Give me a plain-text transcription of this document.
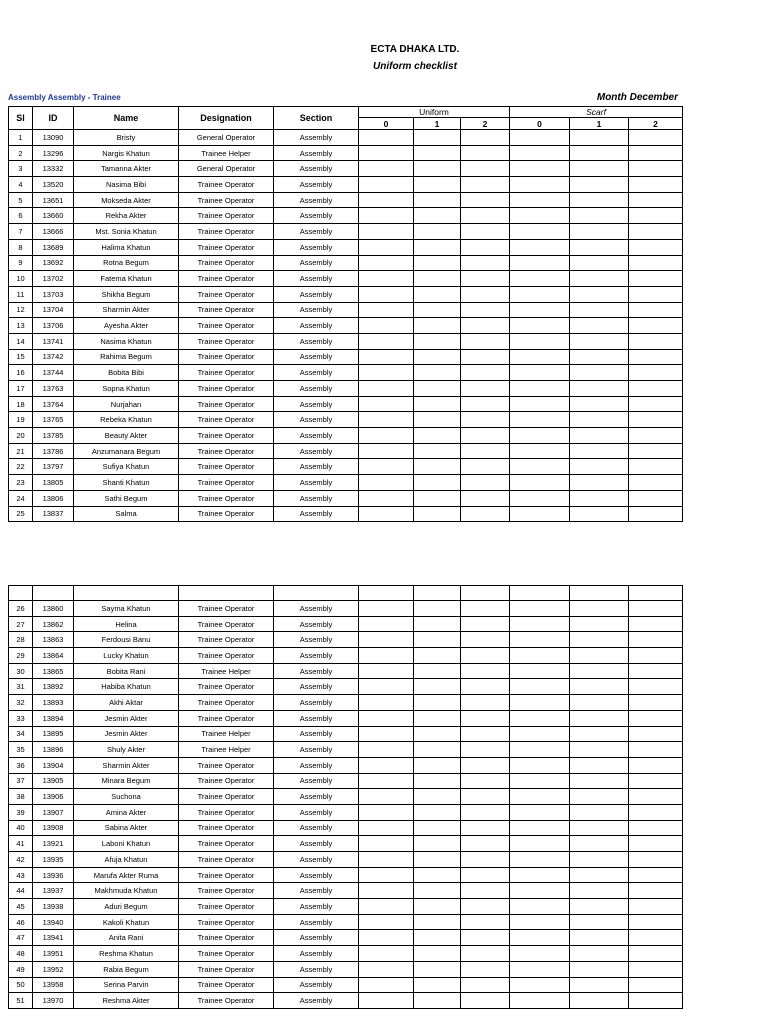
ECTA DHAKA LTD.
Uniform checklist
Assembly Assembly - Trainee	Month December
Sl	ID	Name	Designation	Section	Uniform			Scarf		
					0	1	2	0	1	2
1	13090	Bristy	General Operator	Assembly						
2	13296	Nargis Khatun	Trainee Helper	Assembly						
3	13332	Tamanna Akter	General Operator	Assembly						
4	13520	Nasima Bibi	Trainee Operator	Assembly						
5	13651	Mokseda Akter	Trainee Operator	Assembly						
6	13660	Rekha Akter	Trainee Operator	Assembly						
7	13666	Mst. Sonia Khatun	Trainee Operator	Assembly						
8	13689	Halima Khatun	Trainee Operator	Assembly						
9	13692	Rotna Begum	Trainee Operator	Assembly						
10	13702	Fatema Khatun	Trainee Operator	Assembly						
11	13703	Shikha Begum	Trainee Operator	Assembly						
12	13704	Sharmin Akter	Trainee Operator	Assembly						
13	13706	Ayesha Akter	Trainee Operator	Assembly						
14	13741	Nasima Khatun	Trainee Operator	Assembly						
15	13742	Rahima Begum	Trainee Operator	Assembly						
16	13744	Bobita Bibi	Trainee Operator	Assembly						
17	13763	Sopna Khatun	Trainee Operator	Assembly						
18	13764	Nurjahan	Trainee Operator	Assembly						
19	13765	Rebeka Khatun	Trainee Operator	Assembly						
20	13785	Beauty Akter	Trainee Operator	Assembly						
21	13786	Anzumanara Begum	Trainee Operator	Assembly						
22	13797	Sufiya Khatun	Trainee Operator	Assembly						
23	13805	Shanti Khatun	Trainee Operator	Assembly						
24	13806	Sathi Begum	Trainee Operator	Assembly						
25	13837	Salma	Trainee Operator	Assembly						

26	13860	Sayma Khatun	Trainee Operator	Assembly						
27	13862	Helina	Trainee Operator	Assembly						
28	13863	Ferdousi Banu	Trainee Operator	Assembly						
29	13864	Lucky Khatun	Trainee Operator	Assembly						
30	13865	Bobita Rani	Trainee Helper	Assembly						
31	13892	Habiba Khatun	Trainee Operator	Assembly						
32	13893	Akhi Aktar	Trainee Operator	Assembly						
33	13894	Jesmin Akter	Trainee Operator	Assembly						
34	13895	Jesmin Akter	Trainee Helper	Assembly						
35	13896	Shuly Akter	Trainee Helper	Assembly						
36	13904	Sharmin Akter	Trainee Operator	Assembly						
37	13905	Minara Begum	Trainee Operator	Assembly						
38	13906	Suchona	Trainee Operator	Assembly						
39	13907	Amina Akter	Trainee Operator	Assembly						
40	13908	Sabina Akter	Trainee Operator	Assembly						
41	13921	Laboni Khatun	Trainee Operator	Assembly						
42	13935	Afuja Khatun	Trainee Operator	Assembly						
43	13936	Marufa Akter Ruma	Trainee Operator	Assembly						
44	13937	Makhmuda Khatun	Trainee Operator	Assembly						
45	13938	Aduri Begum	Trainee Operator	Assembly						
46	13940	Kakoli Khatun	Trainee Operator	Assembly						
47	13941	Anita Rani	Trainee Operator	Assembly						
48	13951	Reshma Khatun	Trainee Operator	Assembly						
49	13952	Rabia Begum	Trainee Operator	Assembly						
50	13958	Serina Parvin	Trainee Operator	Assembly						
51	13970	Reshma Akter	Trainee Operator	Assembly						
